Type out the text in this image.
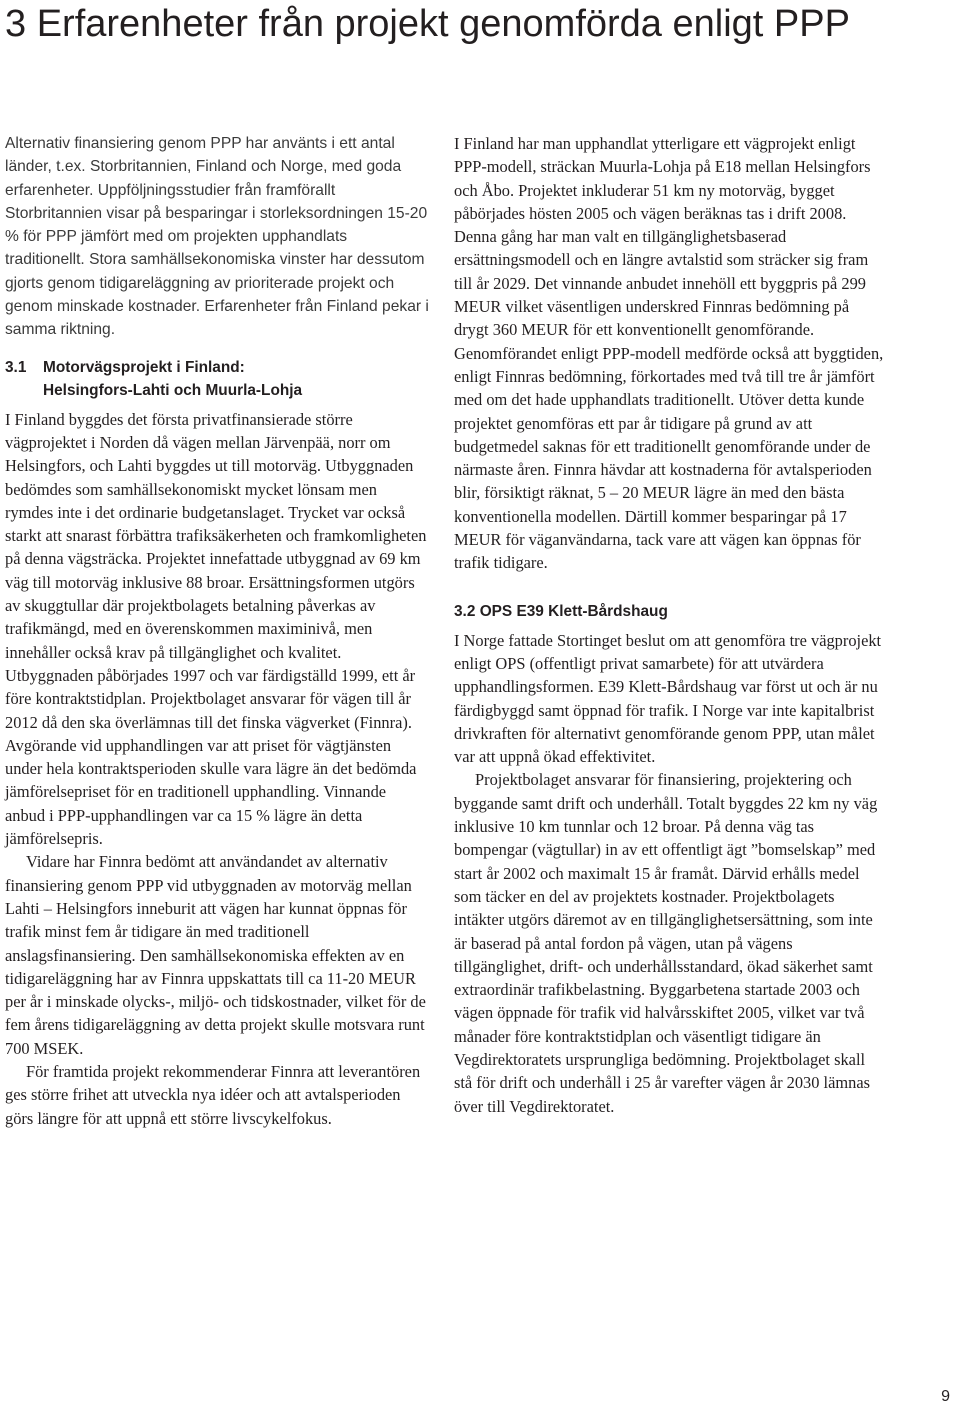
3 Erfarenheter från projekt genomförda enligt PPP

Alternativ finansiering genom PPP har använts i ett antal länder, t.ex. Storbritannien, Finland och Norge, med goda erfarenheter. Uppföljningsstudier från framförallt Storbritannien visar på besparingar i storleksordningen 15-20 % för PPP jämfört med om projekten upphandlats traditionellt. Stora samhällsekonomiska vinster har dessutom gjorts genom tidigareläggning av prioriterade projekt och genom minskade kostnader. Erfarenheter från Finland pekar i samma riktning.

3.1 Motorvägsprojekt i Finland:
Helsingfors-Lahti och Muurla-Lohja

I Finland byggdes det första privatfinansierade större vägprojektet i Norden då vägen mellan Järvenpää, norr om Helsingfors, och Lahti byggdes ut till motorväg. Utbyggnaden bedömdes som samhällsekonomiskt mycket lönsam men rymdes inte i det ordinarie budgetanslaget. Trycket var också starkt att snarast förbättra trafiksäkerheten och framkomligheten på denna vägsträcka. Projektet innefattade utbyggnad av 69 km väg till motorväg inklusive 88 broar. Ersättningsformen utgörs av skuggtullar där projektbolagets betalning påverkas av trafikmängd, med en överenskommen maximinivå, men innehåller också krav på tillgänglighet och kvalitet. Utbyggnaden påbörjades 1997 och var färdigställd 1999, ett år före kontraktstidplan. Projektbolaget ansvarar för vägen till år 2012 då den ska överlämnas till det finska vägverket (Finnra). Avgörande vid upphandlingen var att priset för vägtjänsten under hela kontraktsperioden skulle vara lägre än det bedömda jämförelsepriset för en traditionell upphandling. Vinnande anbud i PPP-upphandlingen var ca 15 % lägre än detta jämförelsepris.

Vidare har Finnra bedömt att användandet av alternativ finansiering genom PPP vid utbyggnaden av motorväg mellan Lahti – Helsingfors inneburit att vägen har kunnat öppnas för trafik minst fem år tidigare än med traditionell anslagsfinansiering. Den samhällsekonomiska effekten av en tidigareläggning har av Finnra uppskattats till ca 11-20 MEUR per år i minskade olycks-, miljö- och tidskostnader, vilket för de fem årens tidigareläggning av detta projekt skulle motsvara runt 700 MSEK.

För framtida projekt rekommenderar Finnra att leverantören ges större frihet att utveckla nya idéer och att avtalsperioden görs längre för att uppnå ett större livscykelfokus.

I Finland har man upphandlat ytterligare ett vägprojekt enligt PPP-modell, sträckan Muurla-Lohja på E18 mellan Helsingfors och Åbo. Projektet inkluderar 51 km ny motorväg, bygget påbörjades hösten 2005 och vägen beräknas tas i drift 2008. Denna gång har man valt en tillgänglighetsbaserad ersättningsmodell och en längre avtalstid som sträcker sig fram till år 2029. Det vinnande anbudet innehöll ett byggpris på 299 MEUR vilket väsentligen underskred Finnras bedömning på drygt 360 MEUR för ett konventionellt genomförande. Genomförandet enligt PPP-modell medförde också att byggtiden, enligt Finnras bedömning, förkortades med två till tre år jämfört med om det hade upphandlats traditionellt. Utöver detta kunde projektet genomföras ett par år tidigare på grund av att budgetmedel saknas för ett traditionellt genomförande under de närmaste åren. Finnra hävdar att kostnaderna för avtalsperioden blir, försiktigt räknat, 5 – 20 MEUR lägre än med den bästa konventionella modellen. Därtill kommer besparingar på 17 MEUR för väganvändarna, tack vare att vägen kan öppnas för trafik tidigare.

3.2 OPS E39 Klett-Bårdshaug

I Norge fattade Stortinget beslut om att genomföra tre vägprojekt enligt OPS (offentligt privat samarbete) för att utvärdera upphandlingsformen. E39 Klett-Bårdshaug var först ut och är nu färdigbyggd samt öppnad för trafik. I Norge var inte kapitalbrist drivkraften för alternativt genomförande genom PPP, utan målet var att uppnå ökad effektivitet.

Projektbolaget ansvarar för finansiering, projektering och byggande samt drift och underhåll. Totalt byggdes 22 km ny väg inklusive 10 km tunnlar och 12 broar. På denna väg tas bompengar (vägtullar) in av ett offentligt ägt ”bomselskap” med start år 2002 och maximalt 15 år framåt. Därvid erhålls medel som täcker en del av projektets kostnader. Projektbolagets intäkter utgörs däremot av en tillgänglighetsersättning, som inte är baserad på antal fordon på vägen, utan på vägens tillgänglighet, drift- och underhållsstandard, ökad säkerhet samt extraordinär trafikbelastning. Byggarbetena startade 2003 och vägen öppnade för trafik vid halvårsskiftet 2005, vilket var två månader före kontraktstidplan och väsentligt tidigare än Vegdirektoratets ursprungliga bedömning. Projektbolaget skall stå för drift och underhåll i 25 år varefter vägen år 2030 lämnas över till Vegdirektoratet.

9
